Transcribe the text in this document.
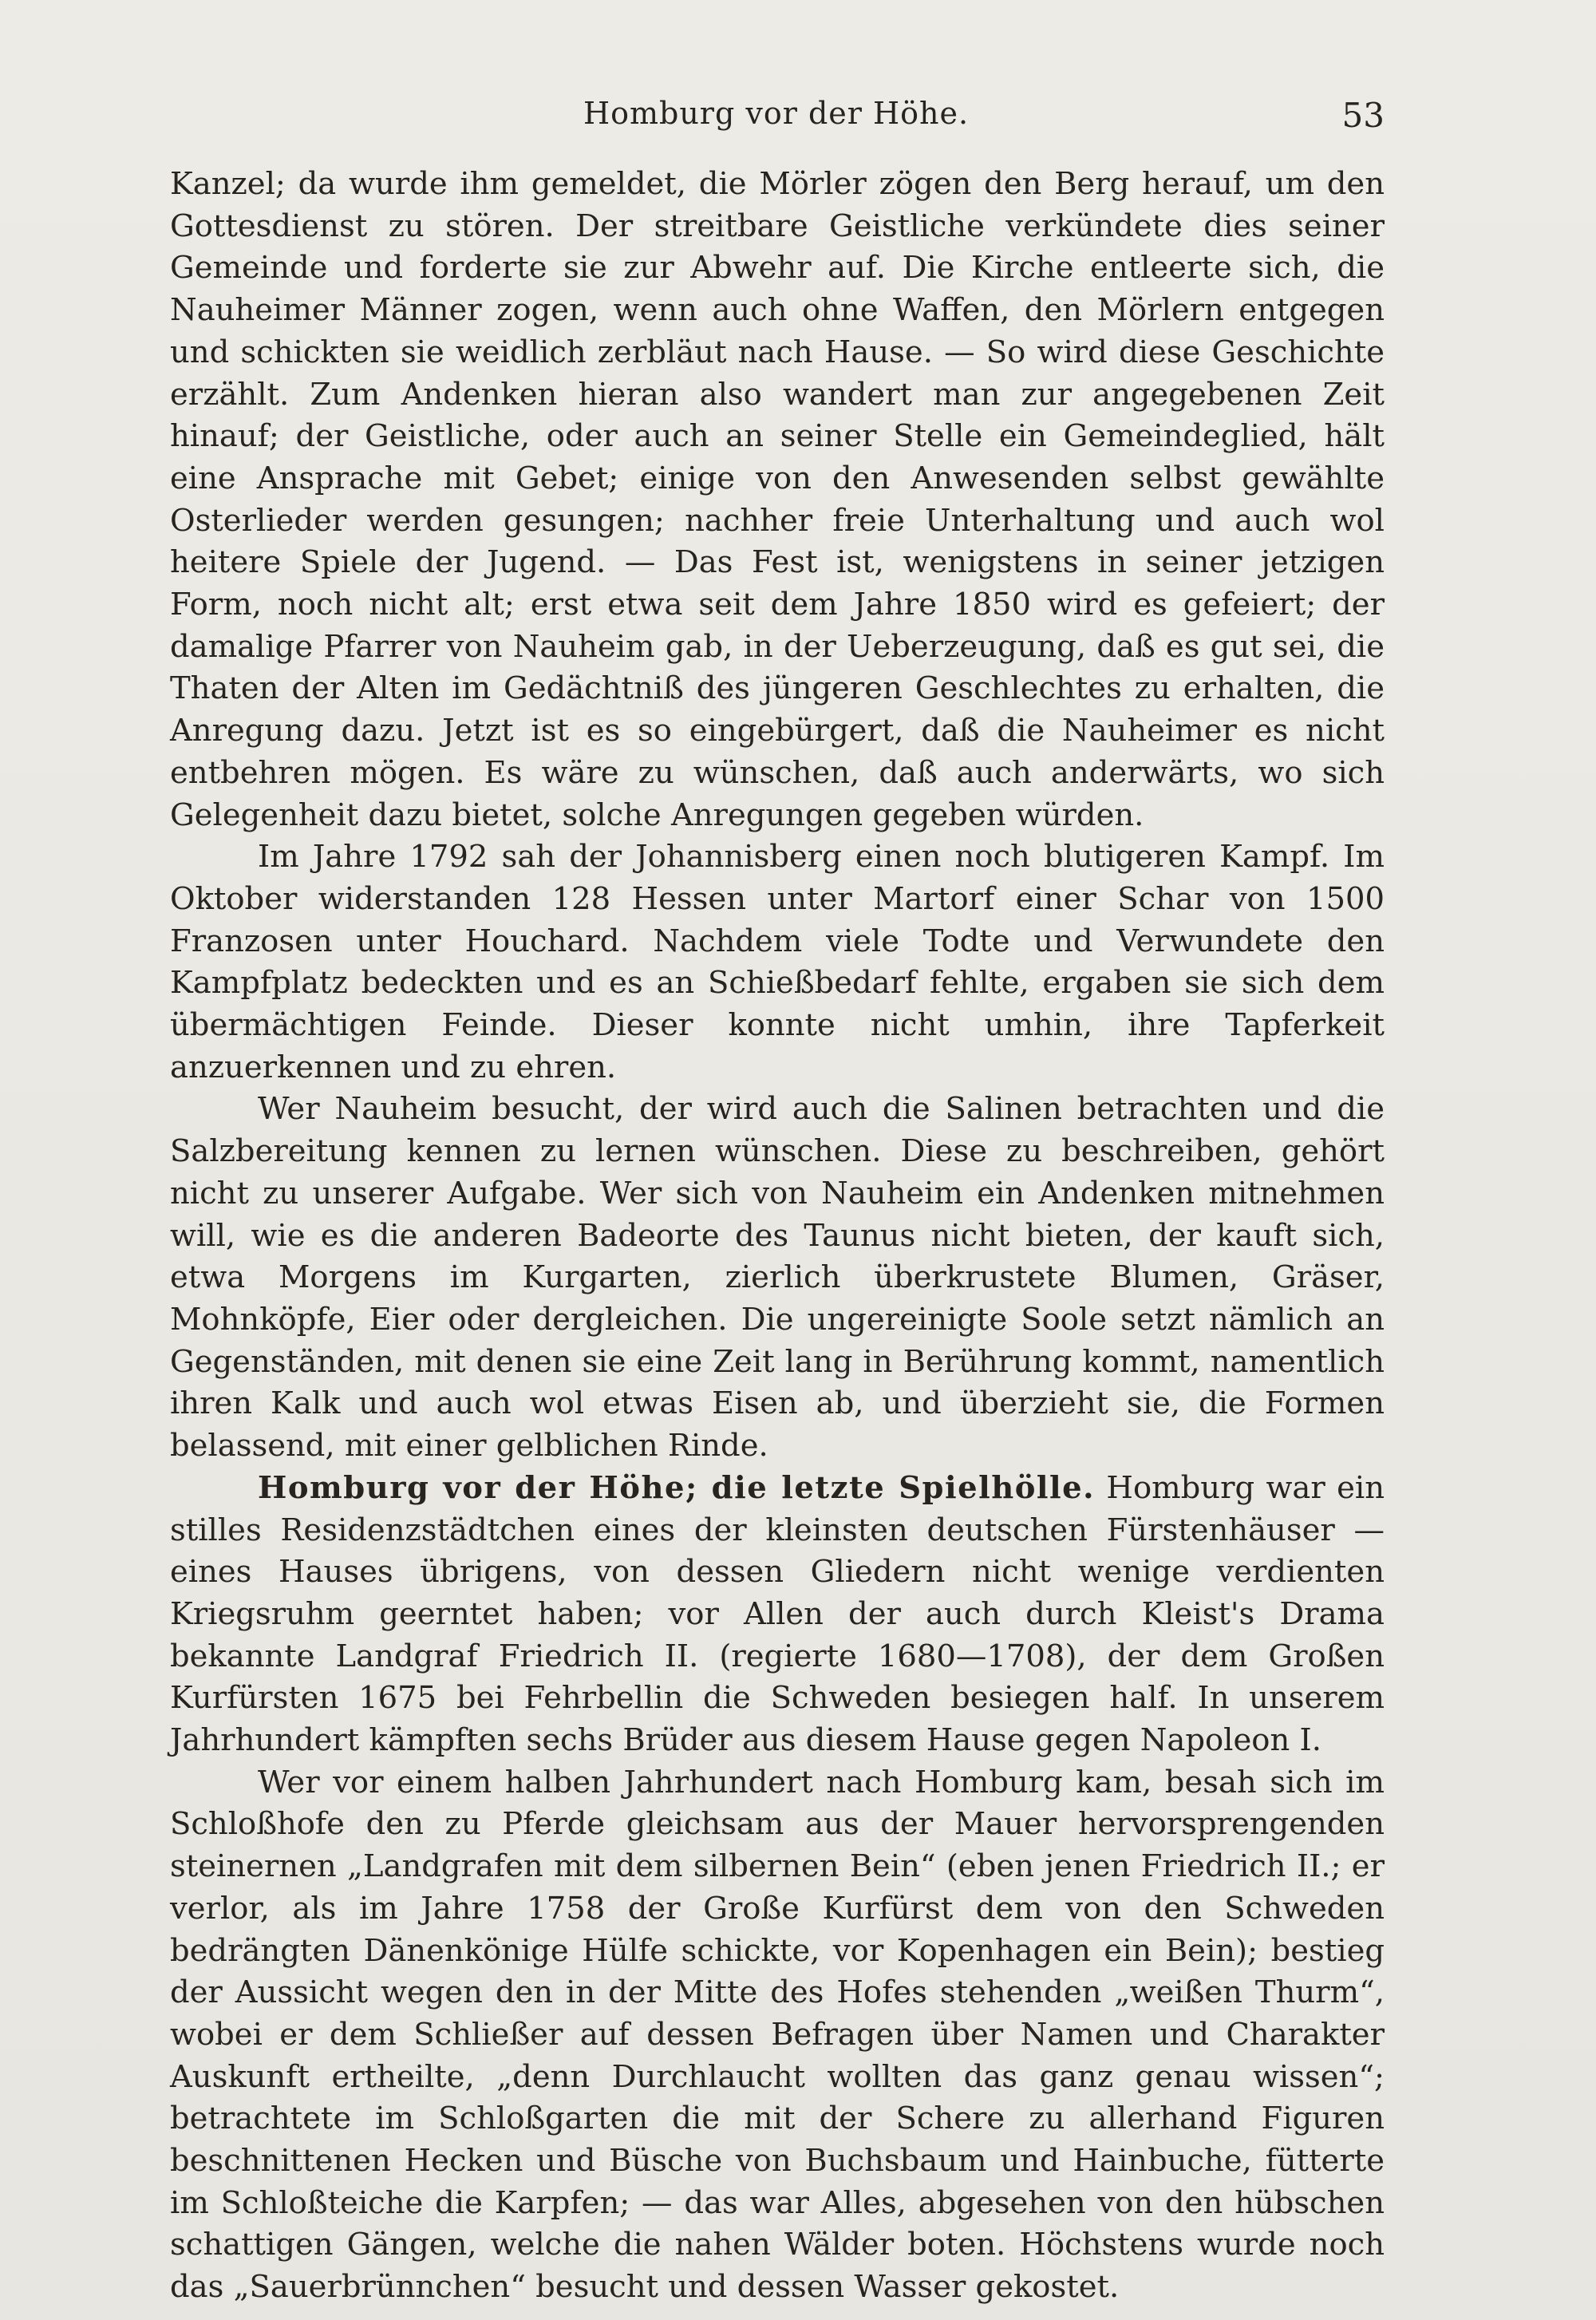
Homburg vor der Höhe.	53

Kanzel; da wurde ihm gemeldet, die Mörler zögen den Berg herauf, um den Gottesdienst zu stören. Der streitbare Geistliche verkündete dies seiner Gemeinde und forderte sie zur Abwehr auf. Die Kirche entleerte sich, die Nauheimer Männer zogen, wenn auch ohne Waffen, den Mörlern entgegen und schickten sie weidlich zerbläut nach Hause. — So wird diese Geschichte erzählt. Zum Andenken hieran also wandert man zur angegebenen Zeit hinauf; der Geistliche, oder auch an seiner Stelle ein Gemeindeglied, hält eine Ansprache mit Gebet; einige von den Anwesenden selbst gewählte Osterlieder werden gesungen; nachher freie Unterhaltung und auch wol heitere Spiele der Jugend. — Das Fest ist, wenigstens in seiner jetzigen Form, noch nicht alt; erst etwa seit dem Jahre 1850 wird es gefeiert; der damalige Pfarrer von Nauheim gab, in der Ueberzeugung, daß es gut sei, die Thaten der Alten im Gedächtniß des jüngeren Geschlechtes zu erhalten, die Anregung dazu. Jetzt ist es so eingebürgert, daß die Nauheimer es nicht entbehren mögen. Es wäre zu wünschen, daß auch anderwärts, wo sich Gelegenheit dazu bietet, solche Anregungen gegeben würden.

Im Jahre 1792 sah der Johannisberg einen noch blutigeren Kampf. Im Oktober widerstanden 128 Hessen unter Martorf einer Schar von 1500 Franzosen unter Houchard. Nachdem viele Todte und Verwundete den Kampfplatz bedeckten und es an Schießbedarf fehlte, ergaben sie sich dem übermächtigen Feinde. Dieser konnte nicht umhin, ihre Tapferkeit anzuerkennen und zu ehren.

Wer Nauheim besucht, der wird auch die Salinen betrachten und die Salzbereitung kennen zu lernen wünschen. Diese zu beschreiben, gehört nicht zu unserer Aufgabe. Wer sich von Nauheim ein Andenken mitnehmen will, wie es die anderen Badeorte des Taunus nicht bieten, der kauft sich, etwa Morgens im Kurgarten, zierlich überkrustete Blumen, Gräser, Mohnköpfe, Eier oder dergleichen. Die ungereinigte Soole setzt nämlich an Gegenständen, mit denen sie eine Zeit lang in Berührung kommt, namentlich ihren Kalk und auch wol etwas Eisen ab, und überzieht sie, die Formen belassend, mit einer gelblichen Rinde.

Homburg vor der Höhe; die letzte Spielhölle. Homburg war ein stilles Residenzstädtchen eines der kleinsten deutschen Fürstenhäuser — eines Hauses übrigens, von dessen Gliedern nicht wenige verdienten Kriegsruhm geerntet haben; vor Allen der auch durch Kleist's Drama bekannte Landgraf Friedrich II. (regierte 1680—1708), der dem Großen Kurfürsten 1675 bei Fehrbellin die Schweden besiegen half. In unserem Jahrhundert kämpften sechs Brüder aus diesem Hause gegen Napoleon I.

Wer vor einem halben Jahrhundert nach Homburg kam, besah sich im Schloßhofe den zu Pferde gleichsam aus der Mauer hervorsprengenden steinernen „Landgrafen mit dem silbernen Bein“ (eben jenen Friedrich II.; er verlor, als im Jahre 1758 der Große Kurfürst dem von den Schweden bedrängten Dänenkönige Hülfe schickte, vor Kopenhagen ein Bein); bestieg der Aussicht wegen den in der Mitte des Hofes stehenden „weißen Thurm“, wobei er dem Schließer auf dessen Befragen über Namen und Charakter Auskunft ertheilte, „denn Durchlaucht wollten das ganz genau wissen“; betrachtete im Schloßgarten die mit der Schere zu allerhand Figuren beschnittenen Hecken und Büsche von Buchsbaum und Hainbuche, fütterte im Schloßteiche die Karpfen; — das war Alles, abgesehen von den hübschen schattigen Gängen, welche die nahen Wälder boten. Höchstens wurde noch das „Sauerbrünnchen“ besucht und dessen Wasser gekostet.
